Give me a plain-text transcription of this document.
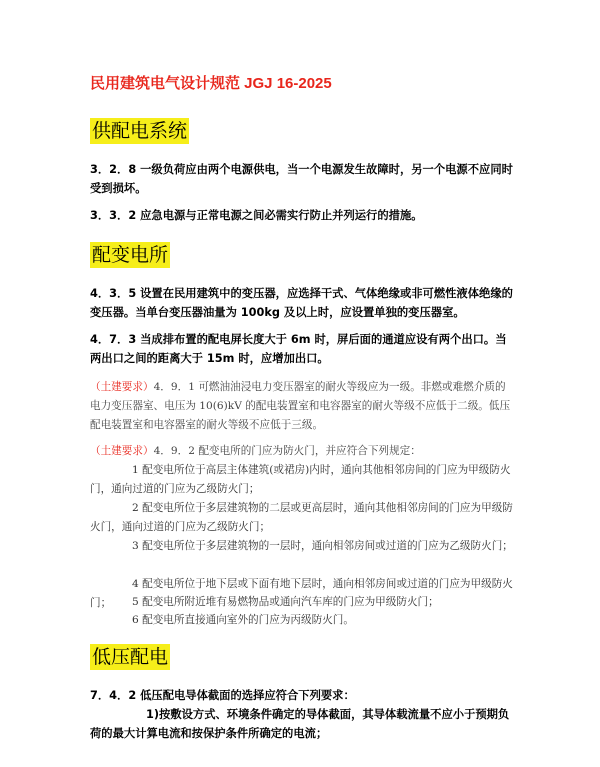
民用建筑电气设计规范 JGJ 16-2025
供配电系统
3．2．8 一级负荷应由两个电源供电，当一个电源发生故障时，另一个电源不应同时受到损坏。
3．3．2 应急电源与正常电源之间必需实行防止并列运行的措施。
配变电所
4．3．5 设置在民用建筑中的变压器，应选择干式、气体绝缘或非可燃性液体绝缘的变压器。当单台变压器油量为 100kg 及以上时，应设置单独的变压器室。
4．7．3 当成排布置的配电屏长度大于 6m 时，屏后面的通道应设有两个出口。当两出口之间的距离大于 15m 时，应增加出口。
（土建要求）4．9．1 可燃油油浸电力变压器室的耐火等级应为一级。非燃或难燃介质的电力变压器室、电压为 10(6)kV 的配电装置室和电容器室的耐火等级不应低于二级。低压配电装置室和电容器室的耐火等级不应低于三级。
（土建要求）4．9．2 配变电所的门应为防火门，并应符合下列规定：
1 配变电所位于高层主体建筑(或裙房)内时，通向其他相邻房间的门应为甲级防火门，通向过道的门应为乙级防火门；
2 配变电所位于多层建筑物的二层或更高层时，通向其他相邻房间的门应为甲级防火门，通向过道的门应为乙级防火门；
3 配变电所位于多层建筑物的一层时，通向相邻房间或过道的门应为乙级防火门；
4 配变电所位于地下层或下面有地下层时，通向相邻房间或过道的门应为甲级防火门；	5 配变电所附近堆有易燃物品或通向汽车库的门应为甲级防火门；
6 配变电所直接通向室外的门应为丙级防火门。
低压配电
7．4．2 低压配电导体截面的选择应符合下列要求：
1)按敷设方式、环境条件确定的导体截面，其导体载流量不应小于预期负荷的最大计算电流和按保护条件所确定的电流；
